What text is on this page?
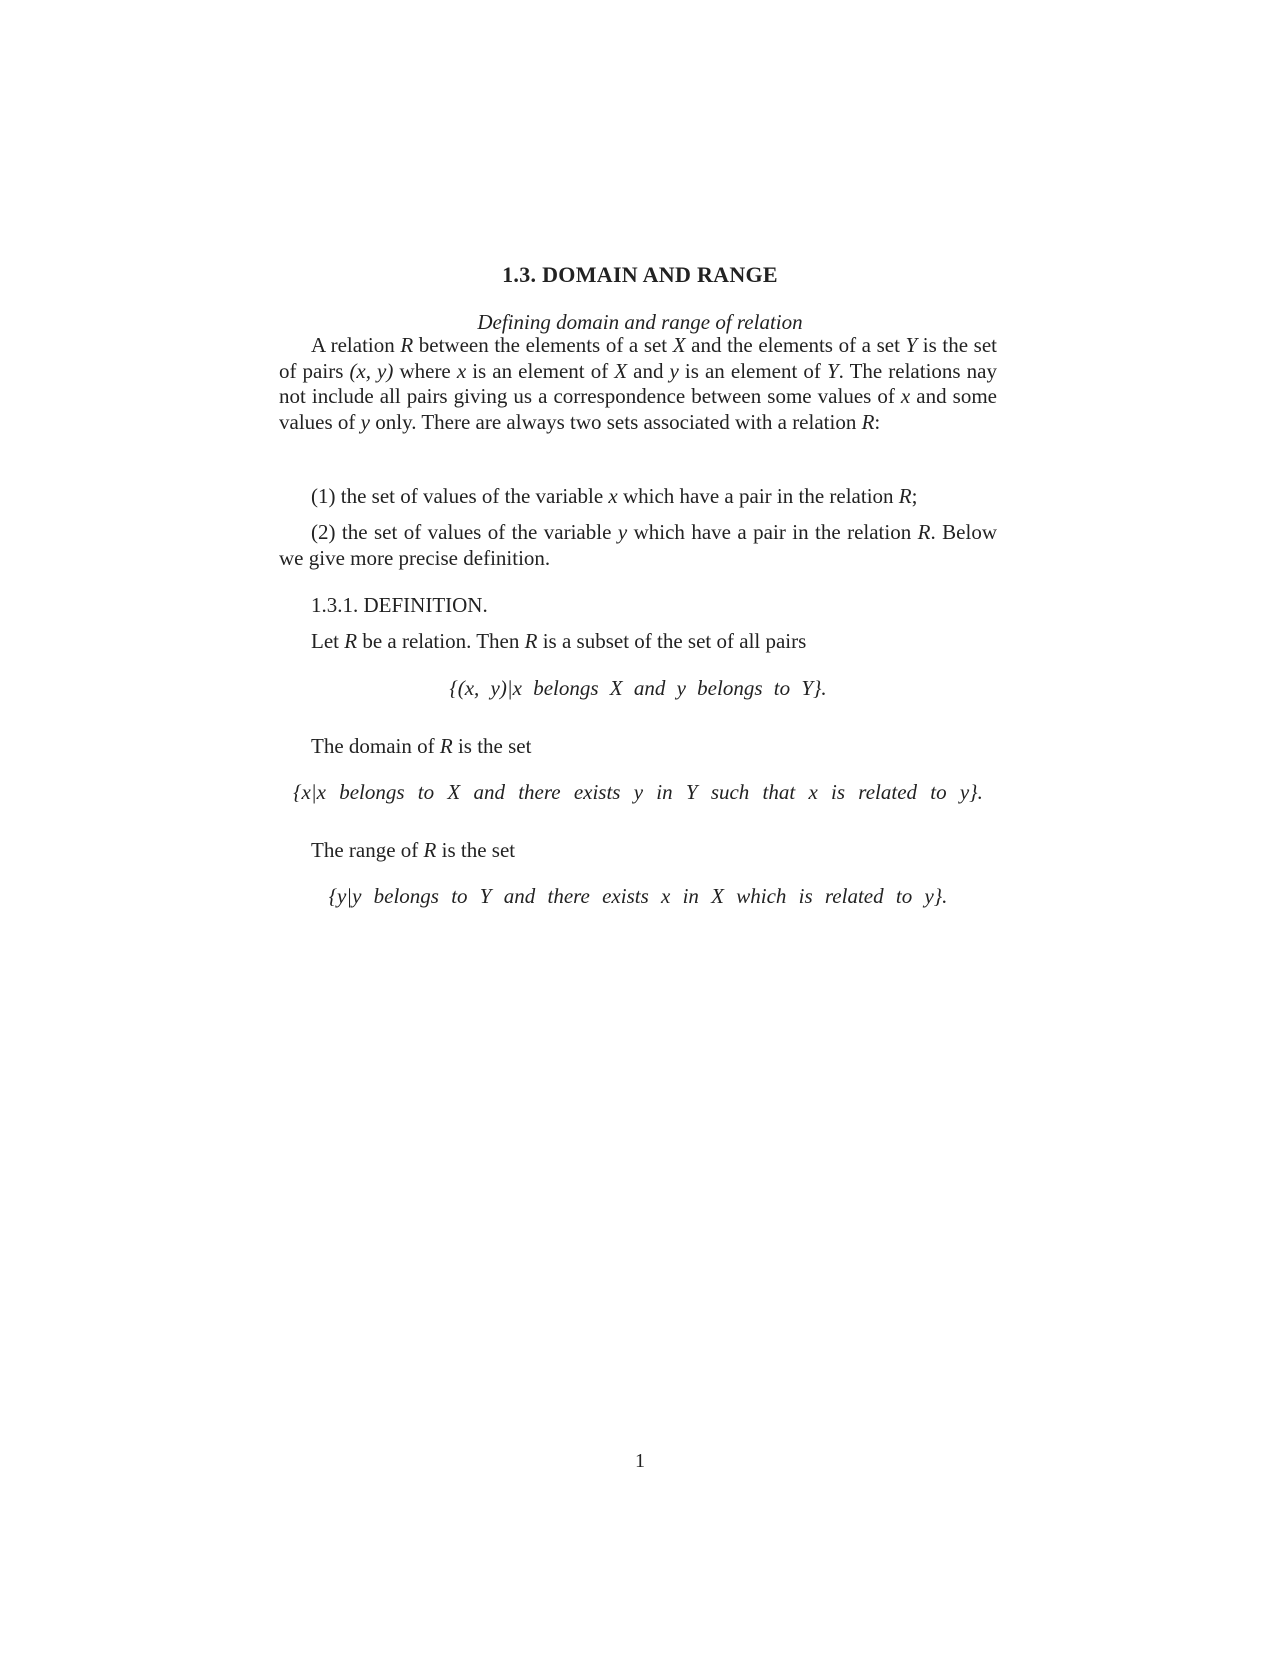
1.3. DOMAIN AND RANGE
Defining domain and range of relation

A relation R between the elements of a set X and the elements of a set Y is the set of pairs (x, y) where x is an element of X and y is an element of Y. The relations nay not include all pairs giving us a correspondence between some values of x and some values of y only. There are always two sets associated with a relation R:

(1) the set of values of the variable x which have a pair in the relation R;

(2) the set of values of the variable y which have a pair in the relation R. Below we give more precise definition.

1.3.1. DEFINITION.

Let R be a relation. Then R is a subset of the set of all pairs

{(x, y)|x belongs X and y belongs to Y}.

The domain of R is the set

{x|x belongs to X and there exists y in Y such that x is related to y}.

The range of R is the set

{y|y belongs to Y and there exists x in X which is related to y}.
1
